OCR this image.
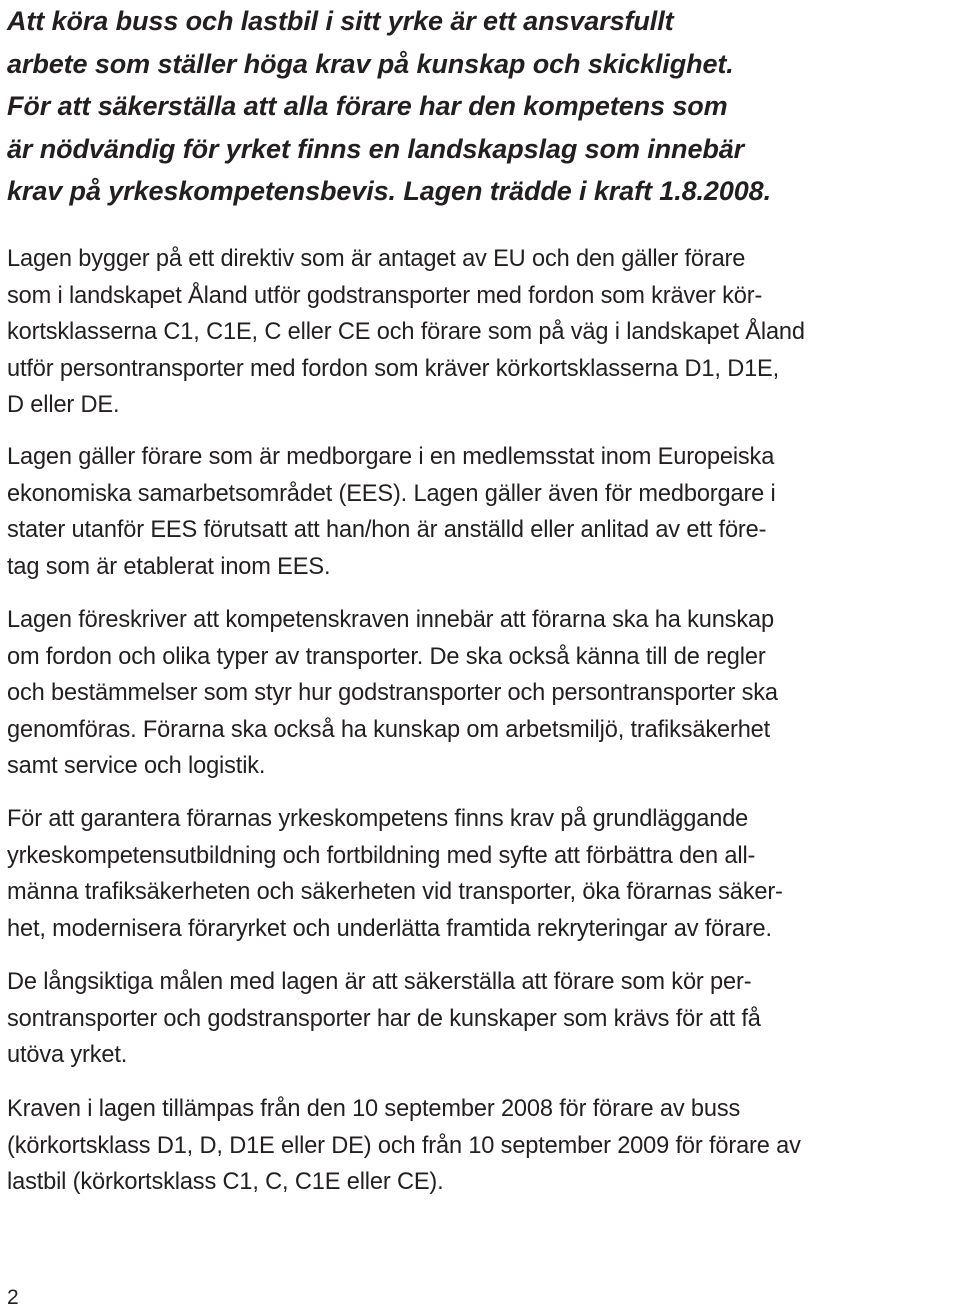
Att köra buss och lastbil i sitt yrke är ett ansvarsfullt
arbete som ställer höga krav på kunskap och skicklighet.
För att säkerställa att alla förare har den kompetens som
är nödvändig för yrket finns en landskapslag som innebär
krav på yrkeskompetensbevis. Lagen trädde i kraft 1.8.2008.

Lagen bygger på ett direktiv som är antaget av EU och den gäller förare
som i landskapet Åland utför godstransporter med fordon som kräver kör-
kortsklasserna C1, C1E, C eller CE och förare som på väg i landskapet Åland
utför persontransporter med fordon som kräver körkortsklasserna D1, D1E,
D eller DE.

Lagen gäller förare som är medborgare i en medlemsstat inom Europeiska
ekonomiska samarbetsområdet (EES). Lagen gäller även för medborgare i
stater utanför EES förutsatt att han/hon är anställd eller anlitad av ett före-
tag som är etablerat inom EES.

Lagen föreskriver att kompetenskraven innebär att förarna ska ha kunskap
om fordon och olika typer av transporter. De ska också känna till de regler
och bestämmelser som styr hur godstransporter och persontransporter ska
genomföras. Förarna ska också ha kunskap om arbetsmiljö, trafiksäkerhet
samt service och logistik.

För att garantera förarnas yrkeskompetens finns krav på grundläggande
yrkeskompetensutbildning och fortbildning med syfte att förbättra den all-
männa trafiksäkerheten och säkerheten vid transporter, öka förarnas säker-
het, modernisera föraryrket och underlätta framtida rekryteringar av förare.

De långsiktiga målen med lagen är att säkerställa att förare som kör per-
sontransporter och godstransporter har de kunskaper som krävs för att få
utöva yrket.

Kraven i lagen tillämpas från den 10 september 2008 för förare av buss
(körkortsklass D1, D, D1E eller DE) och från 10 september 2009 för förare av
lastbil (körkortsklass C1, C, C1E eller CE).

2
